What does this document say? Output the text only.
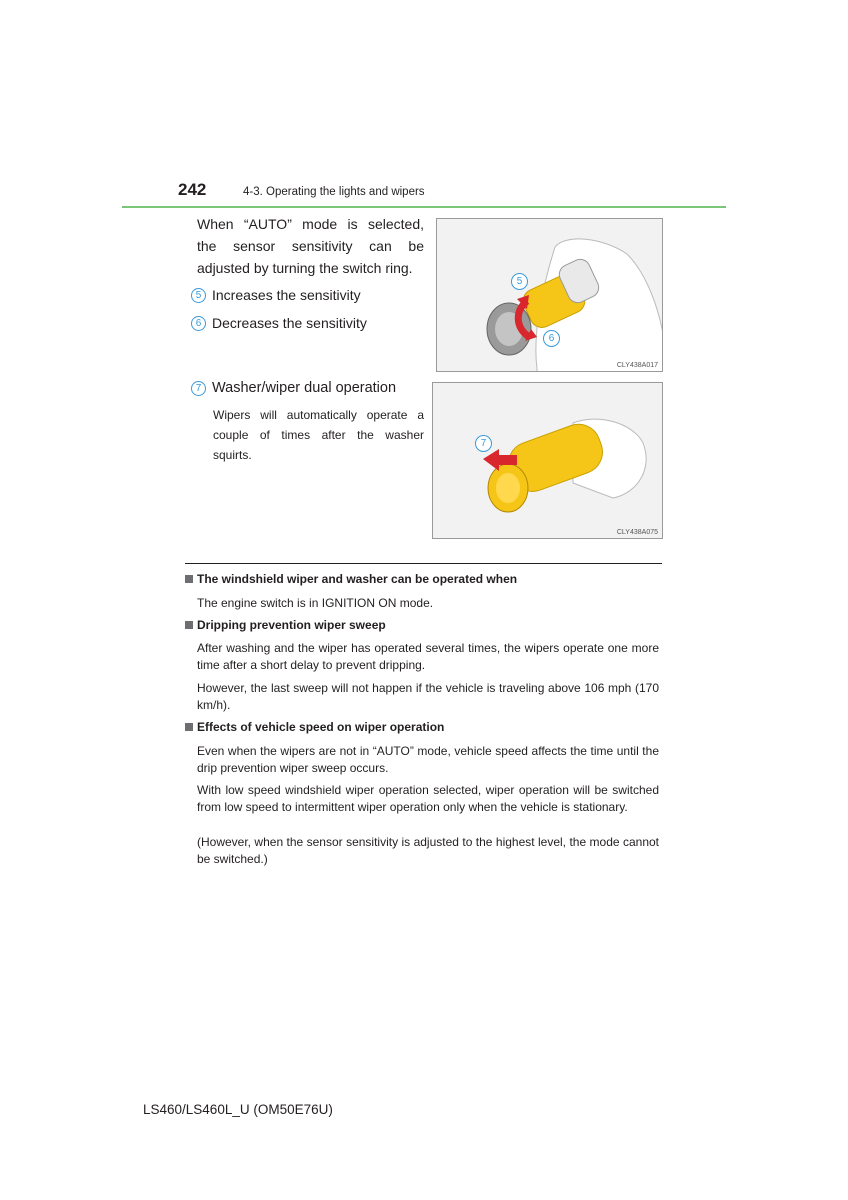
242	4-3. Operating the lights and wipers
When “AUTO” mode is selected,
the sensor sensitivity can be
adjusted by turning the switch ring.
5 Increases the sensitivity
6 Decreases the sensitivity
7 Washer/wiper dual operation
Wipers will automatically operate a couple of times after the washer squirts.
5
6
CLY438A017
7
CLY438A075
The windshield wiper and washer can be operated when
The engine switch is in IGNITION ON mode.
Dripping prevention wiper sweep
After washing and the wiper has operated several times, the wipers operate one more time after a short delay to prevent dripping.
However, the last sweep will not happen if the vehicle is traveling above 106 mph (170 km/h).
Effects of vehicle speed on wiper operation
Even when the wipers are not in “AUTO” mode, vehicle speed affects the time until the drip prevention wiper sweep occurs.
With low speed windshield wiper operation selected, wiper operation will be switched from low speed to intermittent wiper operation only when the vehicle is stationary.
(However, when the sensor sensitivity is adjusted to the highest level, the mode cannot be switched.)
LS460/LS460L_U (OM50E76U)
